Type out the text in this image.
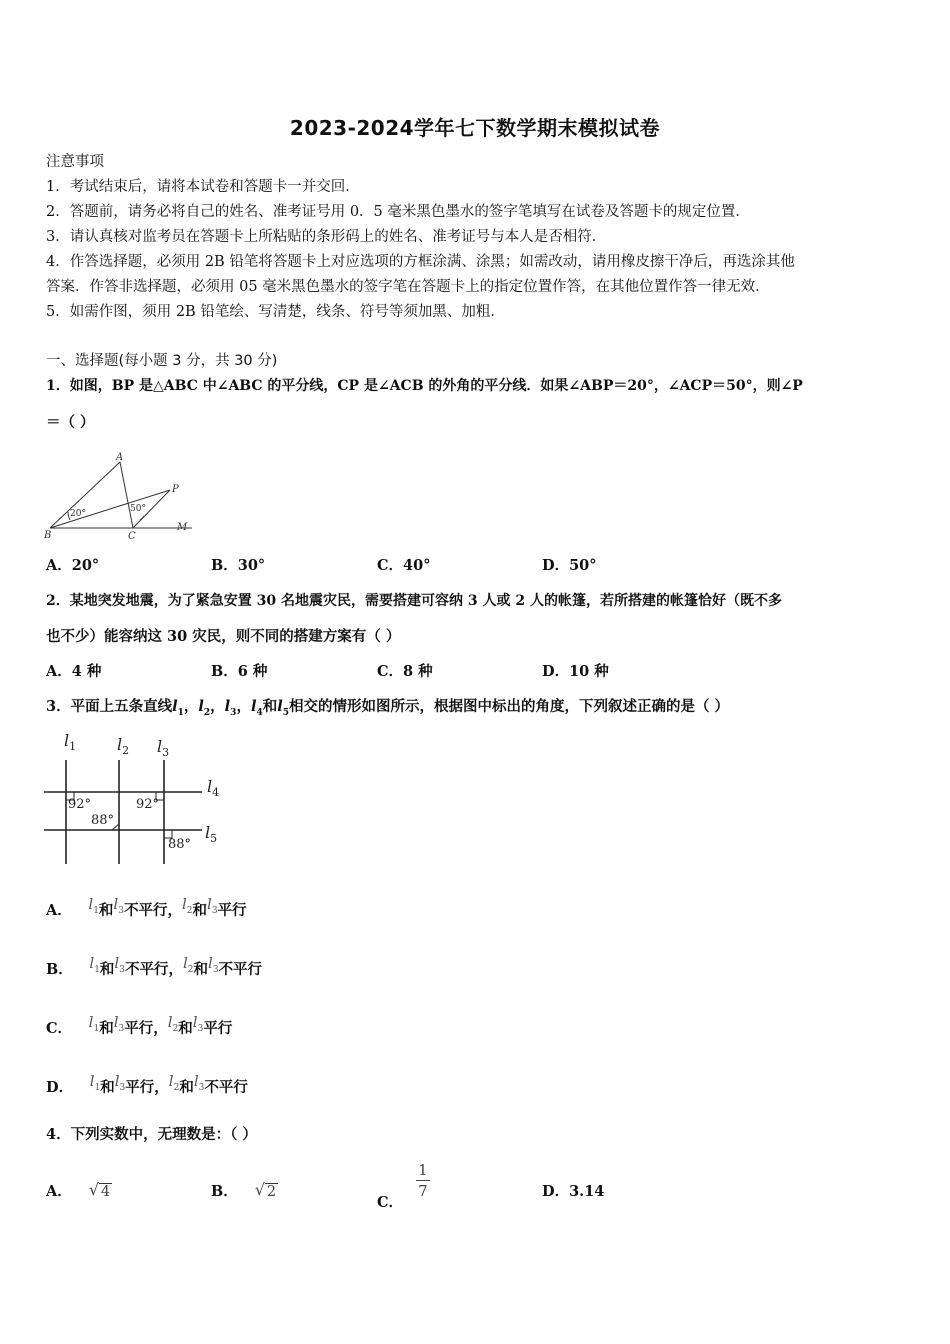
2023-2024学年七下数学期末模拟试卷
注意事项
1．考试结束后，请将本试卷和答题卡一并交回．
2．答题前，请务必将自己的姓名、准考证号用 0．5 毫米黑色墨水的签字笔填写在试卷及答题卡的规定位置．
3．请认真核对监考员在答题卡上所粘贴的条形码上的姓名、准考证号与本人是否相符．
4．作答选择题，必须用 2B 铅笔将答题卡上对应选项的方框涂满、涂黑；如需改动，请用橡皮擦干净后，再选涂其他
答案．作答非选择题，必须用 05 毫米黑色墨水的签字笔在答题卡上的指定位置作答，在其他位置作答一律无效．
5．如需作图，须用 2B 铅笔绘、写清楚，线条、符号等须加黑、加粗．
一、选择题(每小题 3 分，共 30 分)
1．如图，BP 是△ABC 中∠ABC 的平分线，CP 是∠ACB 的外角的平分线．如果∠ABP＝20°，∠ACP＝50°，则∠P
＝（ ）
A
B	C
P
M
20°	50°
A．20°	B．30°	C．40°	D．50°
2．某地突发地震，为了紧急安置 30 名地震灾民，需要搭建可容纳 3 人或 2 人的帐篷，若所搭建的帐篷恰好（既不多
也不少）能容纳这 30 灾民，则不同的搭建方案有（ ）
A．4 种	B．6 种	C．8 种	D．10 种
3．平面上五条直线$l_1$，$l_2$，$l_3$，$l_4$和$l_5$相交的情形如图所示，根据图中标出的角度，下列叙述正确的是（ ）
$l_1$	$l_2$ $l_3$
$l_4$
$l_5$
92°	92°
88°
88°
A． $l_1$和$l_3$不平行，$l_2$和$l_3$平行
B． $l_1$和$l_3$不平行，$l_2$和$l_3$不平行
C． $l_1$和$l_3$平行，$l_2$和$l_3$平行
D． $l_1$和$l_3$平行，$l_2$和$l_3$不平行
4．下列实数中，无理数是：（ ）
A． √ 4	B． √ 2
C．
$\frac{1}{7}$	D．3.14
